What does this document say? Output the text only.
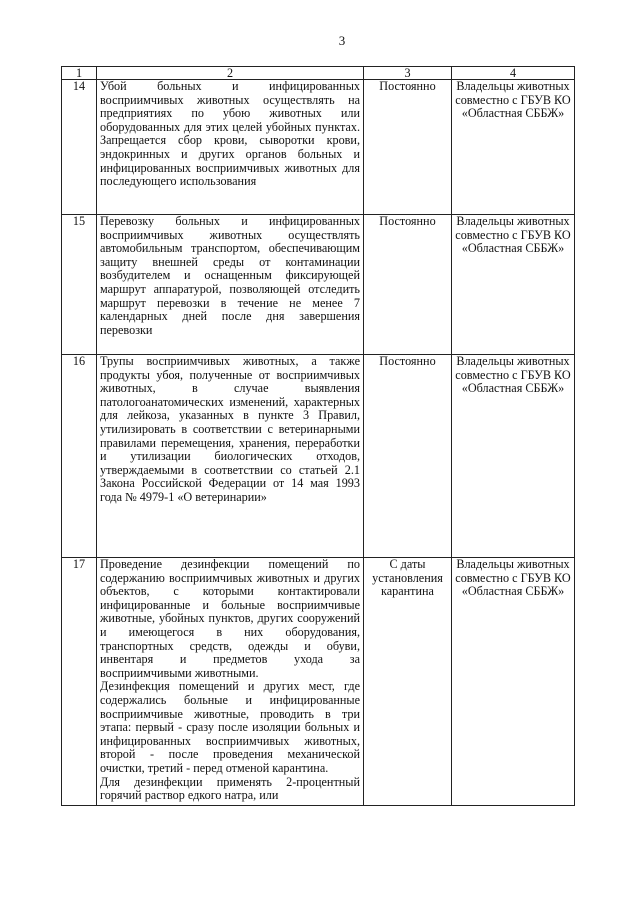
3
1	2	3	4
14	Убой больных и инфицированных восприимчивых животных осуществлять на предприятиях по убою животных или оборудованных для этих целей убойных пунктах. Запрещается сбор крови, сыворотки крови, эндокринных и других органов больных и инфицированных восприимчивых животных для последующего использования	Постоянно	Владельцы животных совместно с ГБУВ КО «Областная СББЖ»
15	Перевозку больных и инфицированных восприимчивых животных осуществлять автомобильным транспортом, обеспечивающим защиту внешней среды от контаминации возбудителем и оснащенным фиксирующей маршрут аппаратурой, позволяющей отследить маршрут перевозки в течение не менее 7 календарных дней после дня завершения перевозки	Постоянно	Владельцы животных совместно с ГБУВ КО «Областная СББЖ»
16	Трупы восприимчивых животных, а также продукты убоя, полученные от восприимчивых животных, в случае выявления патологоанатомических изменений, характерных для лейкоза, указанных в пункте 3 Правил, утилизировать в соответствии с ветеринарными правилами перемещения, хранения, переработки и утилизации биологических отходов, утверждаемыми в соответствии со статьей 2.1 Закона Российской Федерации от 14 мая 1993 года № 4979-1 «О ветеринарии»	Постоянно	Владельцы животных совместно с ГБУВ КО «Областная СББЖ»
17	Проведение дезинфекции помещений по содержанию восприимчивых животных и других объектов, с которыми контактировали инфицированные и больные восприимчивые животные, убойных пунктов, других сооружений и имеющегося в них оборудования, транспортных средств, одежды и обуви, инвентаря и предметов ухода за восприимчивыми животными.
Дезинфекция помещений и других мест, где содержались больные и инфицированные восприимчивые животные, проводить в три этапа: первый - сразу после изоляции больных и инфицированных восприимчивых животных, второй - после проведения механической очистки, третий - перед отменой карантина.
Для дезинфекции применять 2-процентный горячий раствор едкого натра, или	С даты установления карантина	Владельцы животных совместно с ГБУВ КО «Областная СББЖ»
